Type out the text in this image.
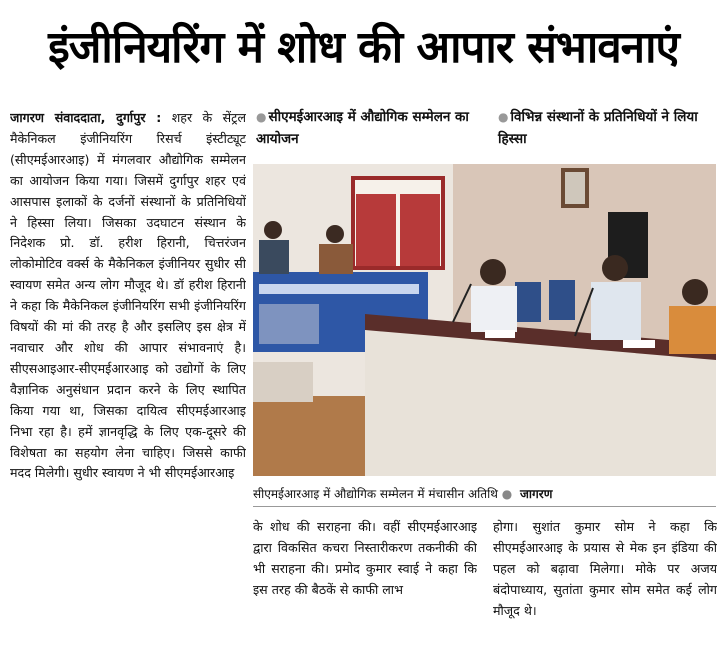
इंजीनियरिंग में शोध की आपार संभावनाएं

जागरण संवाददाता, दुर्गापुर : शहर के सेंट्रल मैकेनिकल इंजीनियरिंग रिसर्च इंस्टीट्यूट (सीएमईआरआइ) में मंगलवार औद्योगिक सम्मेलन का आयोजन किया गया। जिसमें दुर्गापुर शहर एवं आसपास इलाकों के दर्जनों संस्थानों के प्रतिनिधियों ने हिस्सा लिया। जिसका उदघाटन संस्थान के निदेशक प्रो. डॉ. हरीश हिरानी, चित्तरंजन लोकोमोटिव वर्क्स के मैकेनिकल इंजीनियर सुधीर सी स्वायण समेत अन्य लोग मौजूद थे। डॉ हरीश हिरानी ने कहा कि मैकेनिकल इंजीनियरिंग सभी इंजीनियरिंग विषयों की मां की तरह है और इसलिए इस क्षेत्र में नवाचार और शोध की आपार संभावनाएं है। सीएसआइआर-सीएमईआरआइ को उद्योगों के लिए वैज्ञानिक अनुसंधान प्रदान करने के लिए स्थापित किया गया था, जिसका दायित्व सीएमईआरआइ निभा रहा है। हमें ज्ञानवृद्धि के लिए एक-दूसरे की विशेषता का सहयोग लेना चाहिए। जिससे काफी मदद मिलेगी। सुधीर स्वायण ने भी सीएमईआरआइ

● सीएमईआरआइ में औद्योगिक सम्मेलन का आयोजन
● विभिन्न संस्थानों के प्रतिनिधियों ने लिया हिस्सा
सीएमईआरआइ में औद्योगिक सम्मेलन में मंचासीन अतिथि ● जागरण

के शोध की सराहना की। वहीं सीएमईआरआइ द्वारा विकसित कचरा निस्तारीकरण तकनीकी की भी सराहना की। प्रमोद कुमार स्वाई ने कहा कि इस तरह की बैठकें से काफी लाभ

होगा। सुशांत कुमार सोम ने कहा कि सीएमईआरआइ के प्रयास से मेक इन इंडिया की पहल को बढ़ावा मिलेगा। मोके पर अजय बंदोपाध्याय, सुतांता कुमार सोम समेत कई लोग मौजूद थे।
